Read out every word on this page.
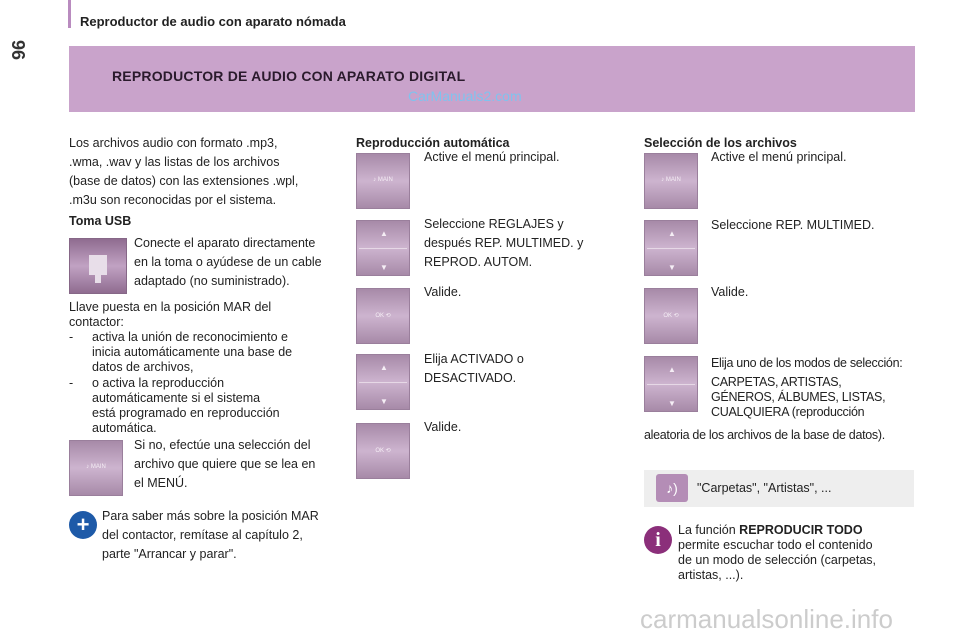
96
Reproductor de audio con aparato nómada
REPRODUCTOR DE AUDIO CON APARATO DIGITAL
CarManuals2.com
Los archivos audio con formato .mp3,
.wma, .wav y las listas de los archivos
(base de datos) con las extensiones .wpl,
.m3u son reconocidas por el sistema.
Toma USB
Conecte el aparato directamente
en la toma o ayúdese de un cable
adaptado (no suministrado).
Llave puesta en la posición MAR del
contactor:
- activa la unión de reconocimiento e
inicia automáticamente una base de
datos de archivos,
- o activa la reproducción
automáticamente si el sistema
está programado en reproducción
automática.
♪ MAIN
Si no, efectúe una selección del
archivo que quiere que se lea en
el MENÚ.
+	Para saber más sobre la posición MAR
del contactor, remítase al capítulo 2,
parte "Arrancar y parar".
Reproducción automática
♪ MAIN
Active el menú principal.
▲
▼
Seleccione REGLAJES y
después REP. MULTIMED. y
REPROD. AUTOM.
OK ⟲
Valide.
▲
▼
Elija ACTIVADO o
DESACTIVADO.
OK ⟲
Valide.
Selección de los archivos
♪ MAIN
Active el menú principal.
▲
▼
Seleccione REP. MULTIMED.
OK ⟲
Valide.
▲
▼
Elija uno de los modos de selección:
CARPETAS, ARTISTAS,
GÉNEROS, ÁLBUMES, LISTAS,
CUALQUIERA (reproducción
aleatoria de los archivos de la base de datos).
♪)	"Carpetas", "Artistas", ...
i	La función REPRODUCIR TODO
permite escuchar todo el contenido
de un modo de selección (carpetas,
artistas, ...).
carmanualsonline.info
